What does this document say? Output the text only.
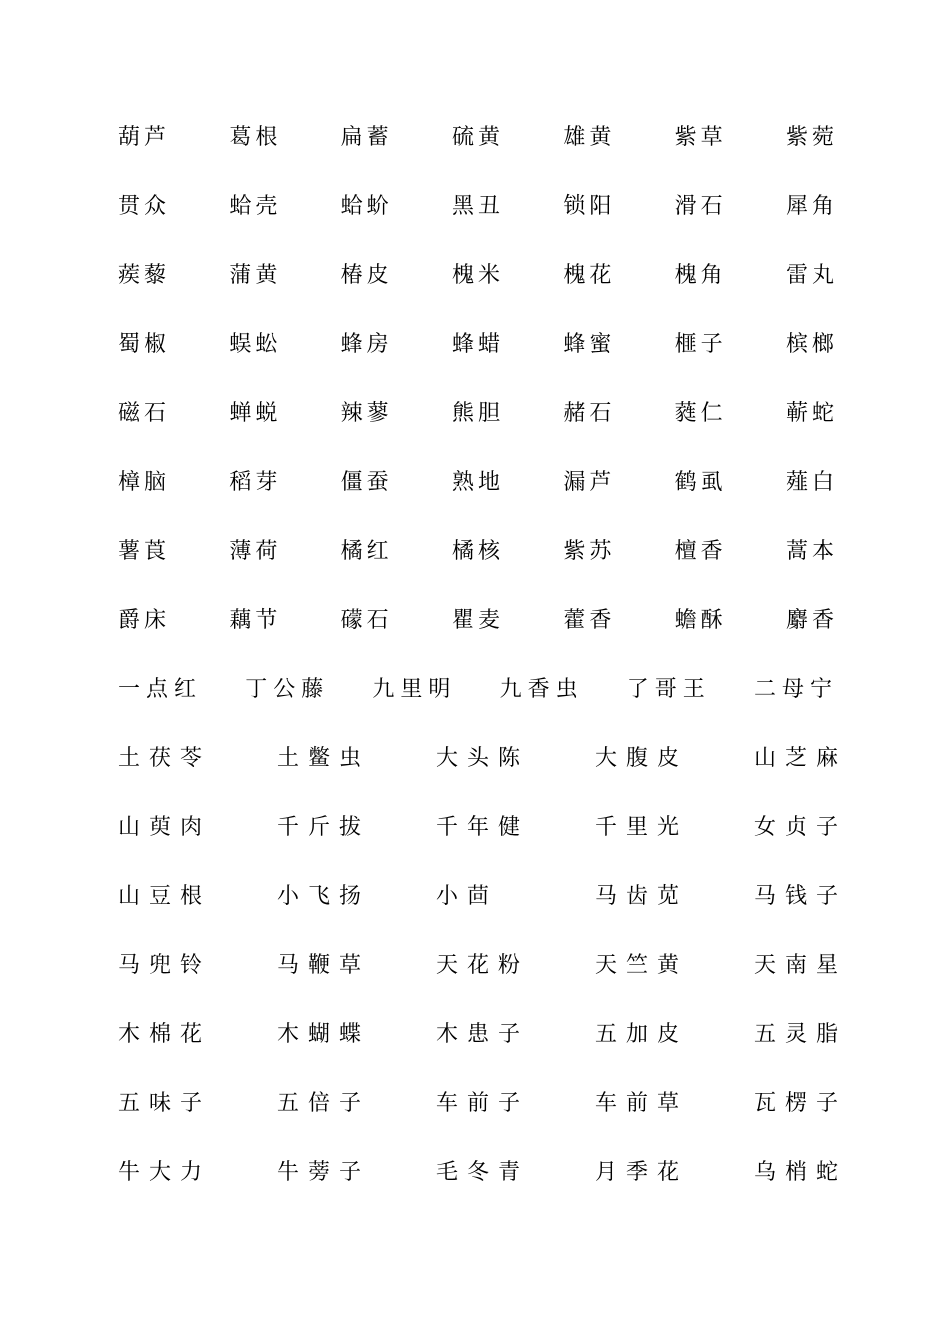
葫芦	葛根	扁蓄	硫黄	雄黄	紫草	紫菀
贯众	蛤壳	蛤蚧	黑丑	锁阳	滑石	犀角
蒺藜	蒲黄	椿皮	槐米	槐花	槐角	雷丸
蜀椒	蜈蚣	蜂房	蜂蜡	蜂蜜	榧子	槟榔
磁石	蝉蜕	辣蓼	熊胆	赭石	蕤仁	蕲蛇
樟脑	稻芽	僵蚕	熟地	漏芦	鹤虱	薤白
薯莨	薄荷	橘红	橘核	紫苏	檀香	蒿本
爵床	藕节	礞石	瞿麦	藿香	蟾酥	麝香
一点红 丁公藤 九里明 九香虫 了哥王 二母宁
土茯苓	土鳖虫	大头陈	大腹皮	山芝麻
山萸肉	千斤拔	千年健	千里光	女贞子
山豆根	小飞扬	小茴	马齿苋	马钱子
马兜铃	马鞭草	天花粉	天竺黄	天南星
木棉花	木蝴蝶	木患子	五加皮	五灵脂
五味子	五倍子	车前子	车前草	瓦楞子
牛大力	牛蒡子	毛冬青	月季花	乌梢蛇
